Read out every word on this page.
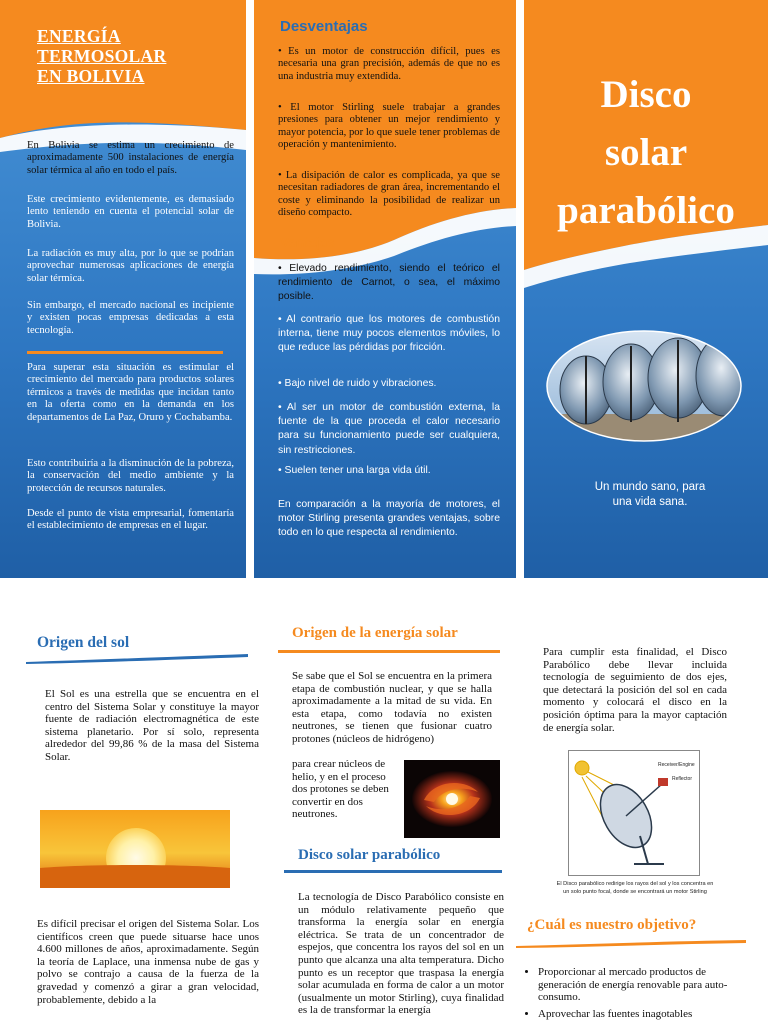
ENERGÍA
TERMOSOLAR
EN BOLIVIA

En Bolivia se estima un crecimiento de aproximadamente 500 instalaciones de energía solar térmica al año en todo el país.

Este crecimiento evidentemente, es demasiado lento teniendo en cuenta el potencial solar de Bolivia.

La radiación es muy alta, por lo que se podrían aprovechar numerosas aplicaciones de energía solar térmica.

Sin embargo, el mercado nacional es incipiente y existen pocas empresas dedicadas a esta tecnología.

Para superar esta situación es estimular el crecimiento del mercado para productos solares térmicos a través de medidas que incidan tanto en la oferta como en la demanda en los departamentos de La Paz, Oruro y Cochabamba.

Esto contribuiría a la disminución de la pobreza, la conservación del medio ambiente y la protección de recursos naturales.

Desde el punto de vista empresarial, fomentaría el establecimiento de empresas en el lugar.

Desventajas

• Es un motor de construcción difícil, pues es necesaria una gran precisión, además de que no es una industria muy extendida.

• El motor Stirling suele trabajar a grandes presiones para obtener un mejor rendimiento y mayor potencia, por lo que suele tener problemas de operación y mantenimiento.

• La disipación de calor es complicada, ya que se necesitan radiadores de gran área, incrementando el coste y eliminando la posibilidad de realizar un diseño compacto.

Ventajas

• Elevado rendimiento, siendo el teórico el rendimiento de Carnot, o sea, el máximo posible.

• Al contrario que los motores de combustión interna, tiene muy pocos elementos móviles, lo que reduce las pérdidas por fricción.

• Bajo nivel de ruido y vibraciones.

• Al ser un motor de combustión externa, la fuente de la que proceda el calor necesario para su funcionamiento puede ser cualquiera, sin restricciones.

• Suelen tener una larga vida útil.

En comparación a la mayoría de motores, el motor Stirling presenta grandes ventajas, sobre todo en lo que respecta al rendimiento.

Disco
solar
parabólico
Un mundo sano, para
una vida sana.
Origen del sol

El Sol es una estrella que se encuentra en el centro del Sistema Solar y constituye la mayor fuente de radiación electromagnética de este sistema planetario. Por sí solo, representa alrededor del 99,86 % de la masa del Sistema Solar.

Es difícil precisar el origen del Sistema Solar. Los científicos creen que puede situarse hace unos 4.600 millones de años, aproximadamente. Según la teoría de Laplace, una inmensa nube de gas y polvo se contrajo a causa de la fuerza de la gravedad y comenzó a girar a gran velocidad, probablemente, debido a la

Origen de la energía solar

Se sabe que el Sol se encuentra en la primera etapa de combustión nuclear, y que se halla aproximadamente a la mitad de su vida. En esta etapa, como todavía no existen neutrones, se tienen que fusionar cuatro protones (núcleos de hidrógeno)

para crear núcleos de helio, y en el proceso dos protones se deben convertir en dos neutrones.

Disco solar parabólico

La tecnología de Disco Parabólico consiste en un módulo relativamente pequeño que transforma la energía solar en energía eléctrica. Se trata de un concentrador de espejos, que concentra los rayos del sol en un punto que alcanza una alta temperatura. Dicho punto es un receptor que traspasa la energía solar acumulada en forma de calor a un motor (usualmente un motor Stirling), cuya finalidad es la de transformar la energía

Para cumplir esta finalidad, el Disco Parabólico debe llevar incluida tecnología de seguimiento de dos ejes, que detectará la posición del sol en cada momento y colocará el disco en la posición óptima para la mayor captación de energía solar.

Receiver/Engine
Reflector

El Disco parabólico redirige los rayos del sol y los concentra en un solo punto focal, donde se encontrará un motor Stirling

¿Cuál es nuestro objetivo?
• Proporcionar al mercado productos de generación de energía renovable para auto-consumo.
• Aprovechar las fuentes inagotables
